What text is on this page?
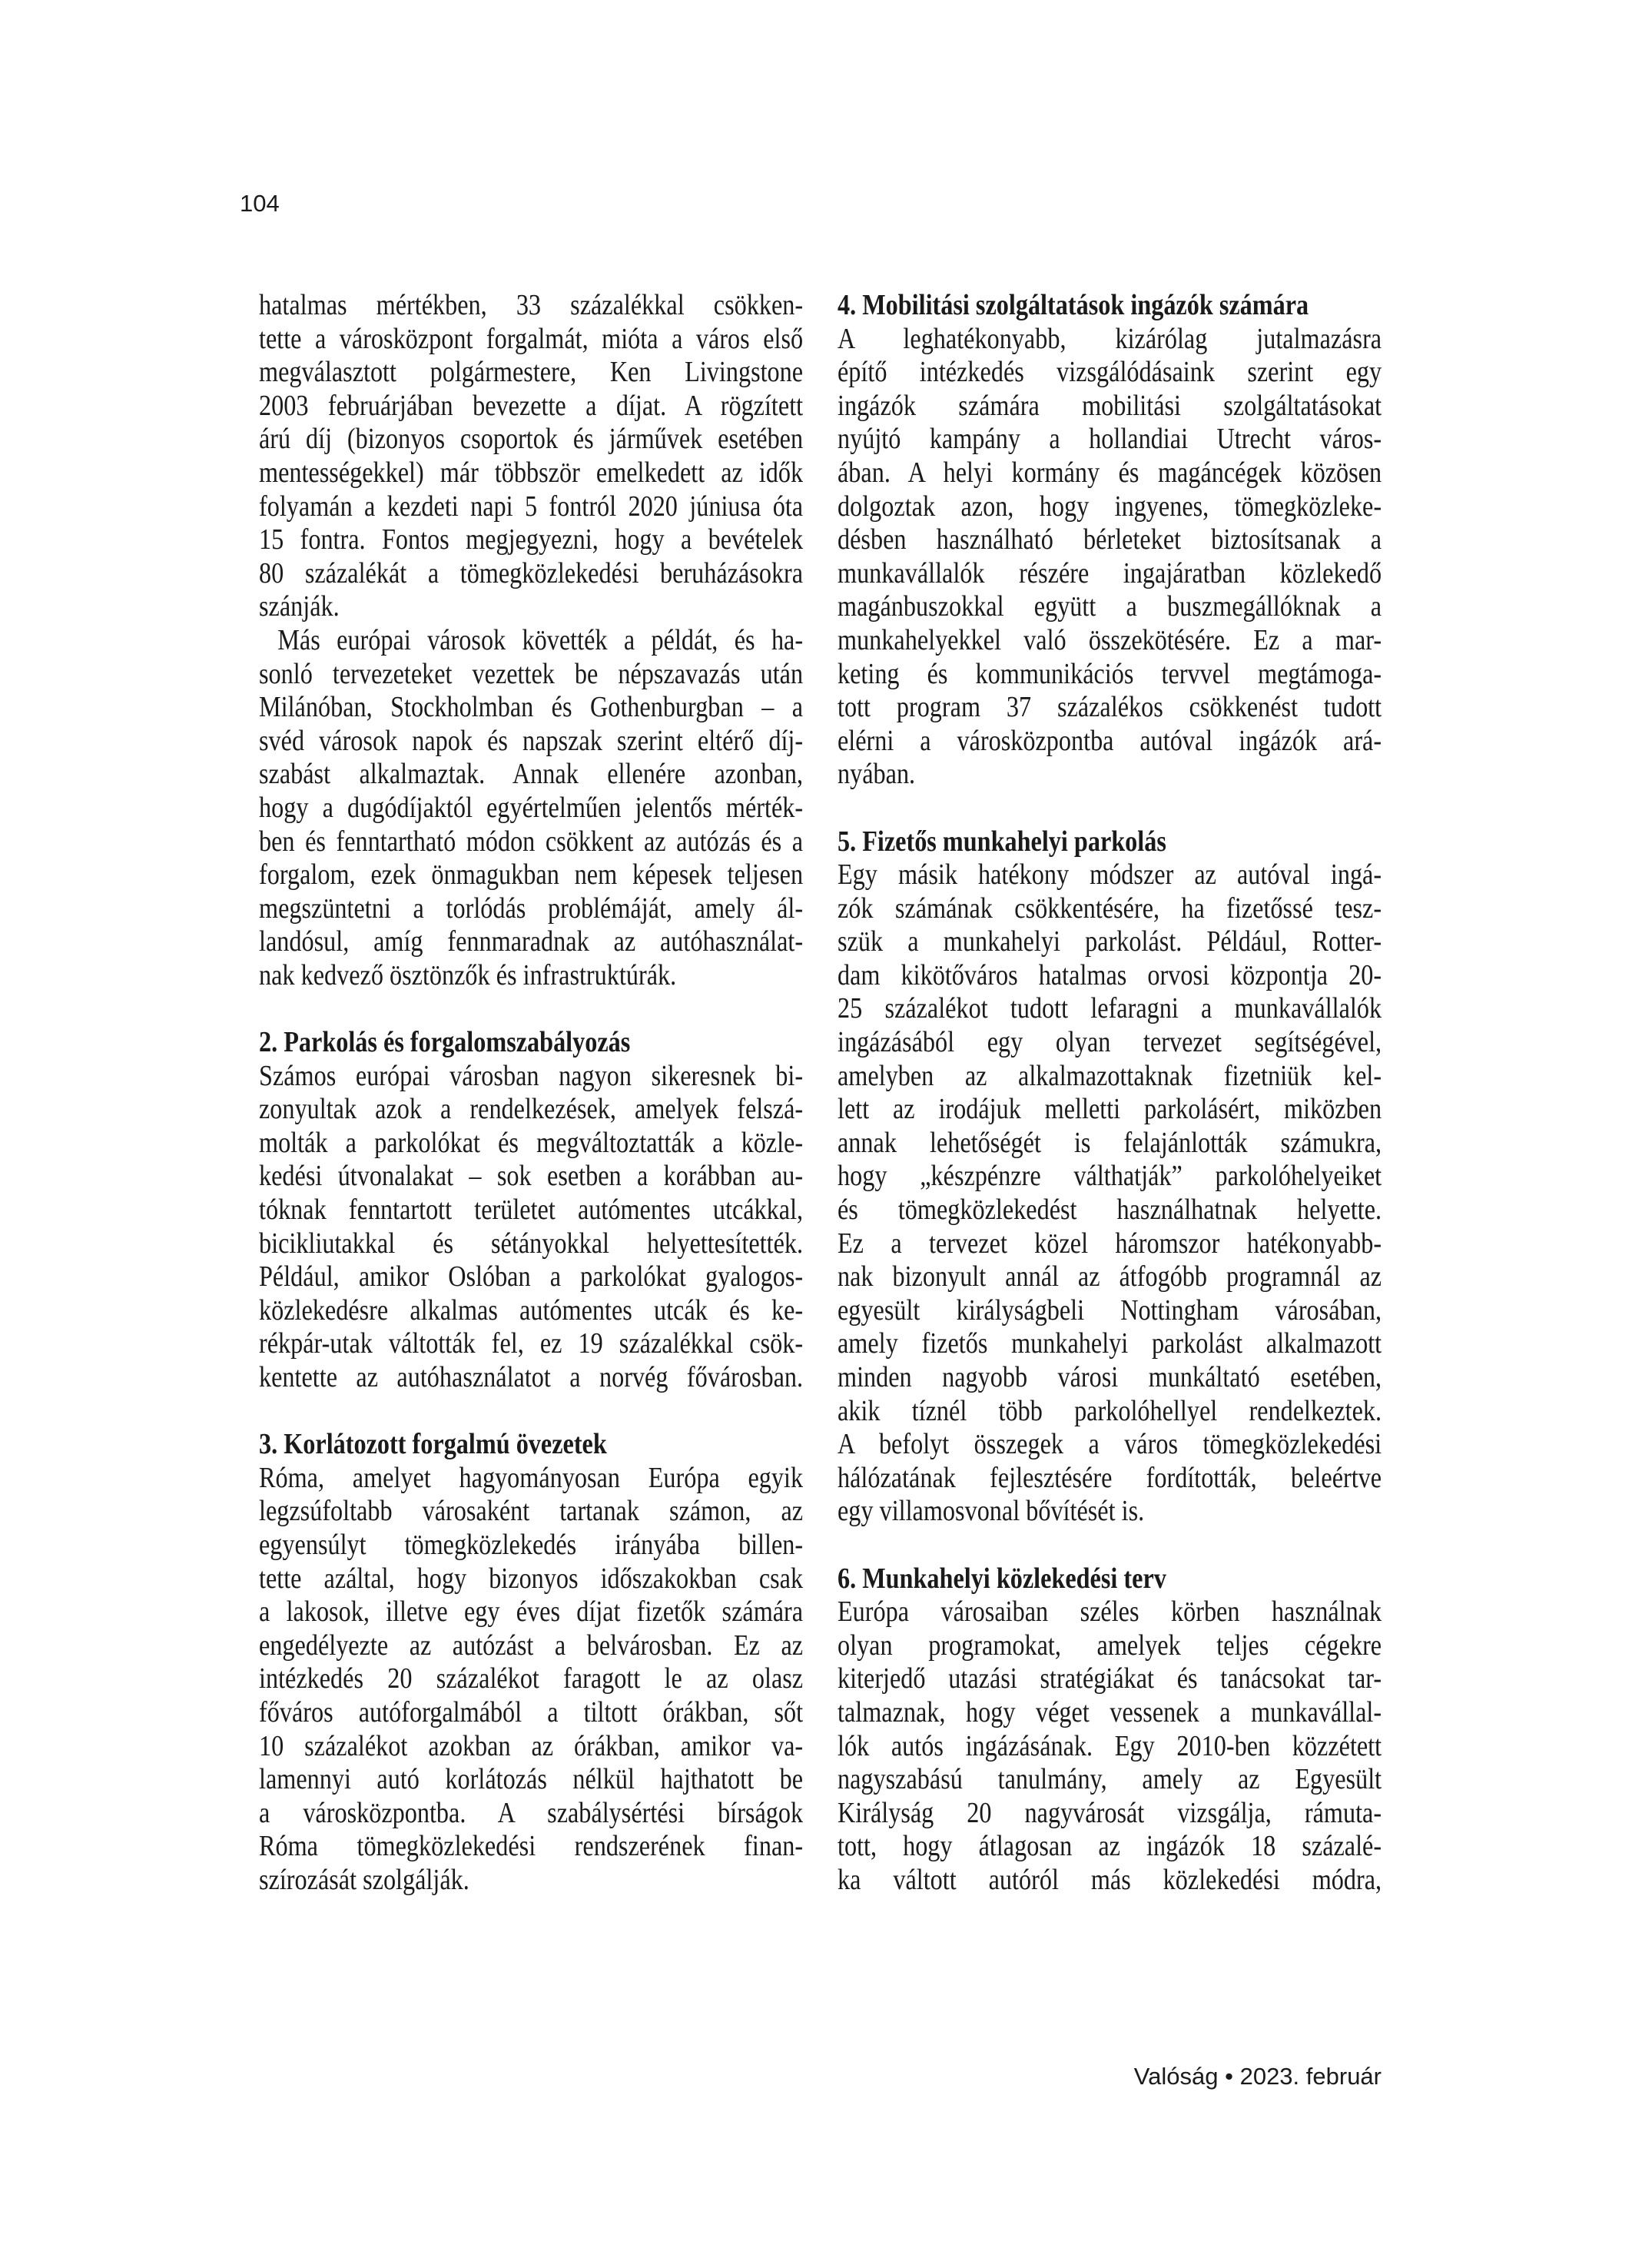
104
hatalmas mértékben, 33 százalékkal csökken-
tette a városközpont forgalmát, mióta a város első
megválasztott polgármestere, Ken Livingstone
2003 februárjában bevezette a díjat. A rögzített
árú díj (bizonyos csoportok és járművek esetében
mentességekkel) már többször emelkedett az idők
folyamán a kezdeti napi 5 fontról 2020 júniusa óta
15 fontra. Fontos megjegyezni, hogy a bevételek
80 százalékát a tömegközlekedési beruházásokra
szánják.
Más európai városok követték a példát, és ha-
sonló tervezeteket vezettek be népszavazás után
Milánóban, Stockholmban és Gothenburgban – a
svéd városok napok és napszak szerint eltérő díj-
szabást alkalmaztak. Annak ellenére azonban,
hogy a dugódíjaktól egyértelműen jelentős mérték-
ben és fenntartható módon csökkent az autózás és a
forgalom, ezek önmagukban nem képesek teljesen
megszüntetni a torlódás problémáját, amely ál-
landósul, amíg fennmaradnak az autóhasználat-
nak kedvező ösztönzők és infrastruktúrák.
2. Parkolás és forgalomszabályozás
Számos európai városban nagyon sikeresnek bi-
zonyultak azok a rendelkezések, amelyek felszá-
molták a parkolókat és megváltoztatták a közle-
kedési útvonalakat – sok esetben a korábban au-
tóknak fenntartott területet autómentes utcákkal,
bicikliutakkal és sétányokkal helyettesítették.
Például, amikor Oslóban a parkolókat gyalogos-
közlekedésre alkalmas autómentes utcák és ke-
rékpár-utak váltották fel, ez 19 százalékkal csök-
kentette az autóhasználatot a norvég fővárosban.
3. Korlátozott forgalmú övezetek
Róma, amelyet hagyományosan Európa egyik
legzsúfoltabb városaként tartanak számon, az
egyensúlyt tömegközlekedés irányába billen-
tette azáltal, hogy bizonyos időszakokban csak
a lakosok, illetve egy éves díjat fizetők számára
engedélyezte az autózást a belvárosban. Ez az
intézkedés 20 százalékot faragott le az olasz
főváros autóforgalmából a tiltott órákban, sőt
10 százalékot azokban az órákban, amikor va-
lamennyi autó korlátozás nélkül hajthatott be
a városközpontba. A szabálysértési bírságok
Róma tömegközlekedési rendszerének finan-
szírozását szolgálják.
4. Mobilitási szolgáltatások ingázók számára
A leghatékonyabb, kizárólag jutalmazásra
építő intézkedés vizsgálódásaink szerint egy
ingázók számára mobilitási szolgáltatásokat
nyújtó kampány a hollandiai Utrecht város-
ában. A helyi kormány és magáncégek közösen
dolgoztak azon, hogy ingyenes, tömegközleke-
désben használható bérleteket biztosítsanak a
munkavállalók részére ingajáratban közlekedő
magánbuszokkal együtt a buszmegállóknak a
munkahelyekkel való összekötésére. Ez a mar-
keting és kommunikációs tervvel megtámoga-
tott program 37 százalékos csökkenést tudott
elérni a városközpontba autóval ingázók ará-
nyában.
5. Fizetős munkahelyi parkolás
Egy másik hatékony módszer az autóval ingá-
zók számának csökkentésére, ha fizetőssé tesz-
szük a munkahelyi parkolást. Például, Rotter-
dam kikötőváros hatalmas orvosi központja 20-
25 százalékot tudott lefaragni a munkavállalók
ingázásából egy olyan tervezet segítségével,
amelyben az alkalmazottaknak fizetniük kel-
lett az irodájuk melletti parkolásért, miközben
annak lehetőségét is felajánlották számukra,
hogy „készpénzre válthatják” parkolóhelyeiket
és tömegközlekedést használhatnak helyette.
Ez a tervezet közel háromszor hatékonyabb-
nak bizonyult annál az átfogóbb programnál az
egyesült királyságbeli Nottingham városában,
amely fizetős munkahelyi parkolást alkalmazott
minden nagyobb városi munkáltató esetében,
akik tíznél több parkolóhellyel rendelkeztek.
A befolyt összegek a város tömegközlekedési
hálózatának fejlesztésére fordították, beleértve
egy villamosvonal bővítését is.
6. Munkahelyi közlekedési terv
Európa városaiban széles körben használnak
olyan programokat, amelyek teljes cégekre
kiterjedő utazási stratégiákat és tanácsokat tar-
talmaznak, hogy véget vessenek a munkavállal-
lók autós ingázásának. Egy 2010-ben közzétett
nagyszabású tanulmány, amely az Egyesült
Királyság 20 nagyvárosát vizsgálja, rámuta-
tott, hogy átlagosan az ingázók 18 százalé-
ka váltott autóról más közlekedési módra,
Valóság • 2023. február
